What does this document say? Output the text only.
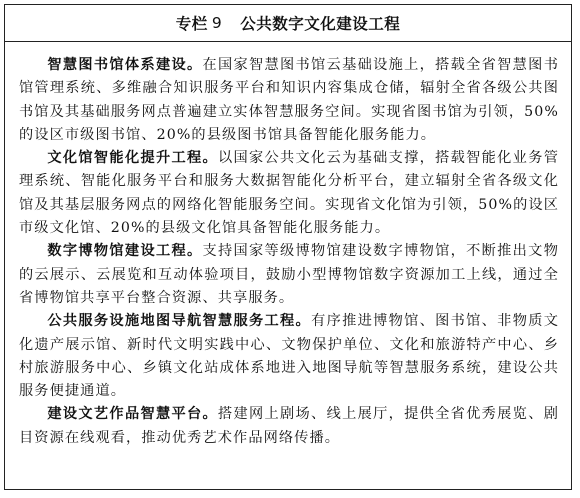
专栏 9 公共数字文化建设工程

智慧图书馆体系建设。在国家智慧图书馆云基础设施上，搭载全省智慧图书馆管理系统、多维融合知识服务平台和知识内容集成仓储，辐射全省各级公共图书馆及其基础服务网点普遍建立实体智慧服务空间。实现省图书馆为引领，50%的设区市级图书馆、20%的县级图书馆具备智能化服务能力。

文化馆智能化提升工程。以国家公共文化云为基础支撑，搭载智能化业务管理系统、智能化服务平台和服务大数据智能化分析平台，建立辐射全省各级文化馆及其基层服务网点的网络化智能服务空间。实现省文化馆为引领，50%的设区市级文化馆、20%的县级文化馆具备智能化服务能力。

数字博物馆建设工程。支持国家等级博物馆建设数字博物馆，不断推出文物的云展示、云展览和互动体验项目，鼓励小型博物馆数字资源加工上线，通过全省博物馆共享平台整合资源、共享服务。

公共服务设施地图导航智慧服务工程。有序推进博物馆、图书馆、非物质文化遗产展示馆、新时代文明实践中心、文物保护单位、文化和旅游特产中心、乡村旅游服务中心、乡镇文化站成体系地进入地图导航等智慧服务系统，建设公共服务便捷通道。

建设文艺作品智慧平台。搭建网上剧场、线上展厅，提供全省优秀展览、剧目资源在线观看，推动优秀艺术作品网络传播。
